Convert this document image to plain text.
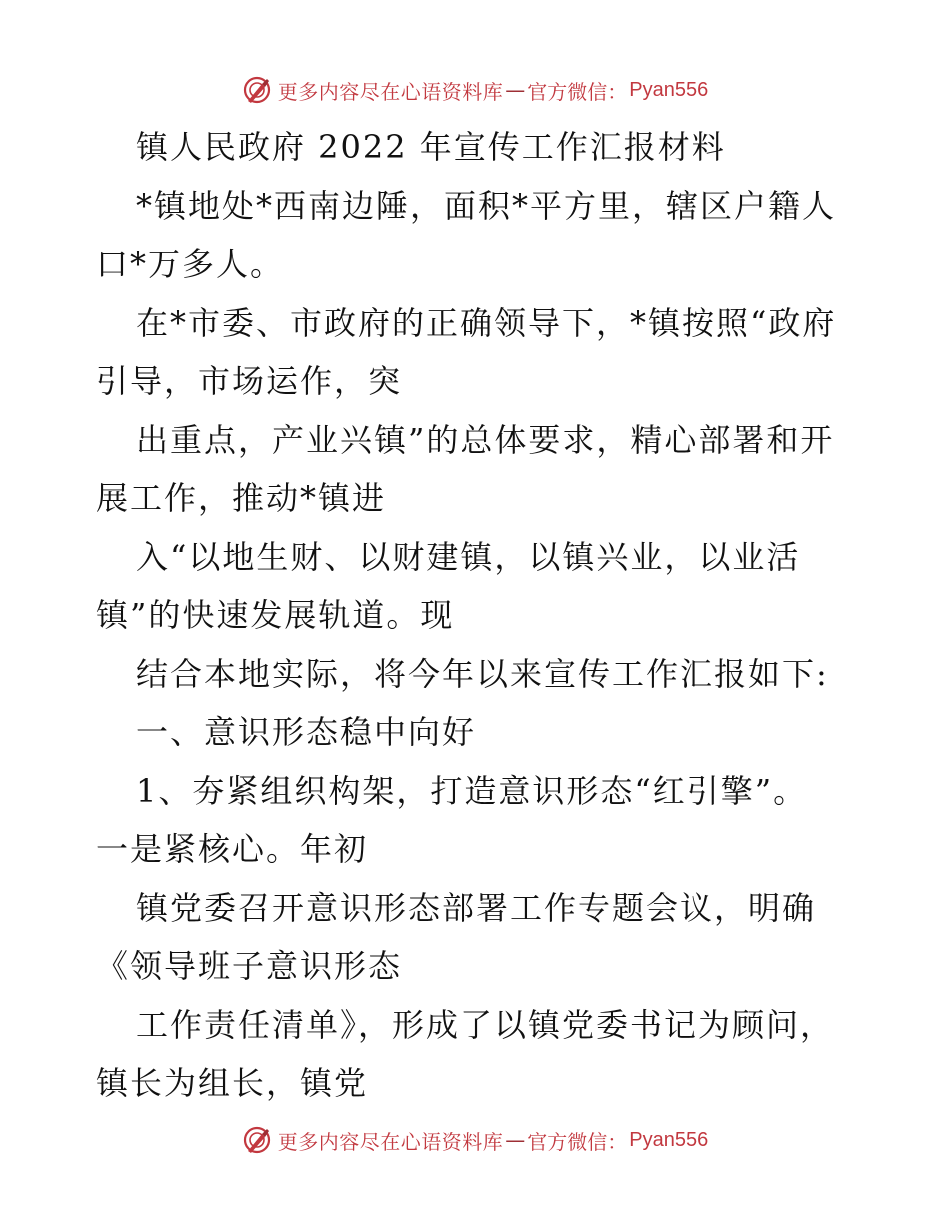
更多内容尽在心语资料库 — 官方微信： Pyan556
镇人民政府 2022 年宣传工作汇报材料
*镇地处*西南边陲，面积*平方里，辖区户籍人
口*万多人。
在*市委、市政府的正确领导下，*镇按照“政府
引导，市场运作，突
出重点，产业兴镇”的总体要求，精心部署和开
展工作，推动*镇进
入“以地生财、以财建镇，以镇兴业，以业活
镇”的快速发展轨道。现
结合本地实际，将今年以来宣传工作汇报如下:
一、意识形态稳中向好
1、夯紧组织构架，打造意识形态“红引擎”。
一是紧核心。年初
镇党委召开意识形态部署工作专题会议，明确
《领导班子意识形态
工作责任清单》，形成了以镇党委书记为顾问，
镇长为组长，镇党
更多内容尽在心语资料库 — 官方微信： Pyan556
